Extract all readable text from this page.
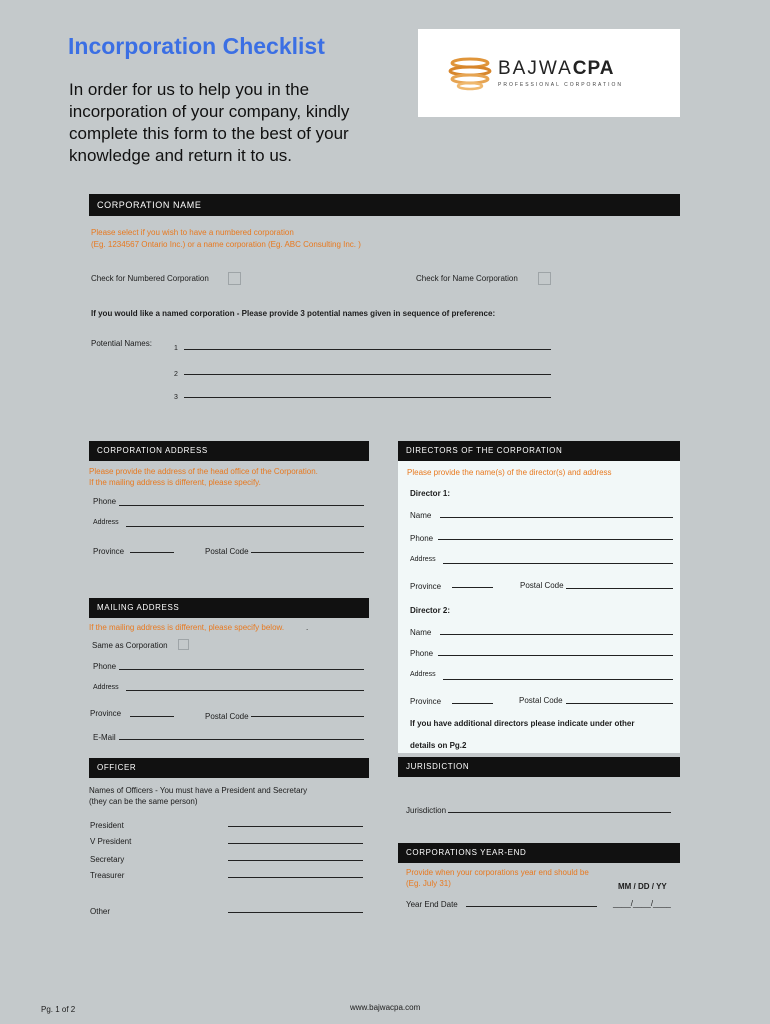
Incorporation Checklist
In order for us to help you in the incorporation of your company, kindly complete this form to the best of your knowledge and return it to us.
BAJWACPA
PROFESSIONAL CORPORATION
CORPORATION NAME
Please select if you wish to have a numbered corporation
(Eg. 1234567 Ontario Inc.) or a name corporation (Eg. ABC Consulting Inc. )
Check for Numbered Corporation	Check for Name Corporation
If you would like a named corporation - Please provide 3 potential names given in sequence of preference:
Potential Names:
1
2
3
CORPORATION ADDRESS
Please provide the address of the head office of the Corporation.
If the mailing address is different, please specify.
Phone
Address
Province	Postal Code
MAILING ADDRESS
If the mailing address is different, please specify below.	.
Same as Corporation
Phone
Address
Province	Postal Code
E-Mail
DIRECTORS OF THE CORPORATION
Please provide the name(s) of the director(s) and address
Director 1:
Name
Phone
Address
Province	Postal Code
Director 2:
Name
Phone
Address
Province	Postal Code
If you have additional directors please indicate under other
details on Pg.2
OFFICER
Names of Officers - You must have a President and Secretary
(they can be the same person)
President
V President
Secretary
Treasurer
Other
JURISDICTION
Jurisdiction
CORPORATIONS YEAR-END
Provide when your corporations year end should be
(Eg. July 31)	MM / DD / YY
Year End Date	____/____/____
Pg. 1 of 2	www.bajwacpa.com
